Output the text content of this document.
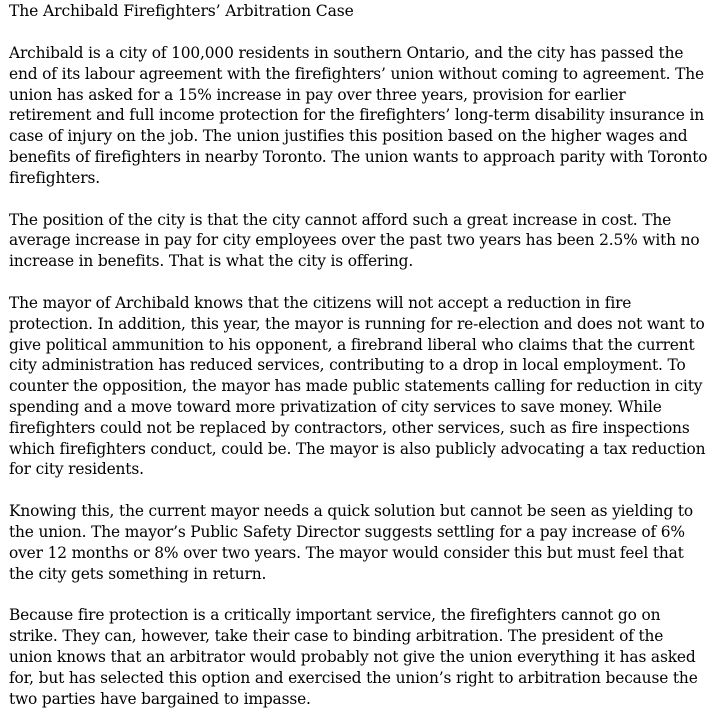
The Archibald Firefighters’ Arbitration Case

Archibald is a city of 100,000 residents in southern Ontario, and the city has passed the end of its labour agreement with the firefighters’ union without coming to agreement. The union has asked for a 15% increase in pay over three years, provision for earlier retirement and full income protection for the firefighters’ long-term disability insurance in case of injury on the job. The union justifies this position based on the higher wages and benefits of firefighters in nearby Toronto. The union wants to approach parity with Toronto firefighters.

The position of the city is that the city cannot afford such a great increase in cost. The average increase in pay for city employees over the past two years has been 2.5% with no increase in benefits. That is what the city is offering.

The mayor of Archibald knows that the citizens will not accept a reduction in fire protection. In addition, this year, the mayor is running for re-election and does not want to give political ammunition to his opponent, a firebrand liberal who claims that the current city administration has reduced services, contributing to a drop in local employment. To counter the opposition, the mayor has made public statements calling for reduction in city spending and a move toward more privatization of city services to save money. While firefighters could not be replaced by contractors, other services, such as fire inspections which firefighters conduct, could be. The mayor is also publicly advocating a tax reduction for city residents.

Knowing this, the current mayor needs a quick solution but cannot be seen as yielding to the union. The mayor’s Public Safety Director suggests settling for a pay increase of 6% over 12 months or 8% over two years. The mayor would consider this but must feel that the city gets something in return.

Because fire protection is a critically important service, the firefighters cannot go on strike. They can, however, take their case to binding arbitration. The president of the union knows that an arbitrator would probably not give the union everything it has asked for, but has selected this option and exercised the union’s right to arbitration because the two parties have bargained to impasse.
